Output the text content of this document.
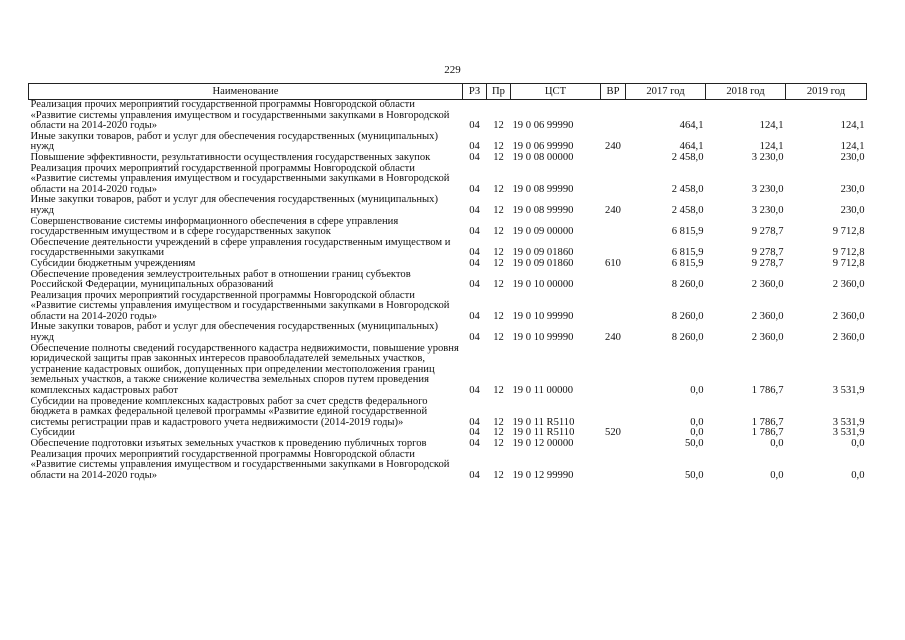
229
Наименование	РЗ	Пр	ЦСТ	ВР	2017 год	2018 год	2019 год
Реализация прочих мероприятий государственной программы Новгородской области «Развитие системы управления имуществом и государственными закупками в Новгородской области на 2014-2020 годы»	04	12	19 0 06 99990		464,1	124,1	124,1
Иные закупки товаров, работ и услуг для обеспечения государственных (муниципальных) нужд	04	12	19 0 06 99990	240	464,1	124,1	124,1
Повышение эффективности, результативности осуществления государственных закупок	04	12	19 0 08 00000		2 458,0	3 230,0	230,0
Реализация прочих мероприятий государственной программы Новгородской области «Развитие системы управления имуществом и государственными закупками в Новгородской области на 2014-2020 годы»	04	12	19 0 08 99990		2 458,0	3 230,0	230,0
Иные закупки товаров, работ и услуг для обеспечения государственных (муниципальных) нужд	04	12	19 0 08 99990	240	2 458,0	3 230,0	230,0
Совершенствование системы информационного обеспечения в сфере управления государственным имуществом и в сфере государственных закупок	04	12	19 0 09 00000		6 815,9	9 278,7	9 712,8
Обеспечение деятельности учреждений в сфере управления государственным имуществом и государственными закупками	04	12	19 0 09 01860		6 815,9	9 278,7	9 712,8
Субсидии бюджетным учреждениям	04	12	19 0 09 01860	610	6 815,9	9 278,7	9 712,8
Обеспечение проведения землеустроительных работ в отношении границ субъектов Российской Федерации, муниципальных образований	04	12	19 0 10 00000		8 260,0	2 360,0	2 360,0
Реализация прочих мероприятий государственной программы Новгородской области «Развитие системы управления имуществом и государственными закупками в Новгородской области на 2014-2020 годы»	04	12	19 0 10 99990		8 260,0	2 360,0	2 360,0
Иные закупки товаров, работ и услуг для обеспечения государственных (муниципальных) нужд	04	12	19 0 10 99990	240	8 260,0	2 360,0	2 360,0
Обеспечение полноты сведений государственного кадастра недвижимости, повышение уровня юридической защиты прав законных интересов правообладателей земельных участков, устранение кадастровых ошибок, допущенных при определении местоположения границ земельных участков, а также снижение количества земельных споров путем проведения комплексных кадастровых работ	04	12	19 0 11 00000		0,0	1 786,7	3 531,9
Субсидии на проведение комплексных кадастровых работ за счет средств федерального бюджета в рамках федеральной целевой программы «Развитие единой государственной системы регистрации прав и кадастрового учета недвижимости (2014-2019 годы)»	04	12	19 0 11 R5110		0,0	1 786,7	3 531,9
Субсидии	04	12	19 0 11 R5110	520	0,0	1 786,7	3 531,9
Обеспечение подготовки изъятых земельных участков к проведению публичных торгов	04	12	19 0 12 00000		50,0	0,0	0,0
Реализация прочих мероприятий государственной программы Новгородской области «Развитие системы управления имуществом и государственными закупками в Новгородской области на 2014-2020 годы»	04	12	19 0 12 99990		50,0	0,0	0,0
